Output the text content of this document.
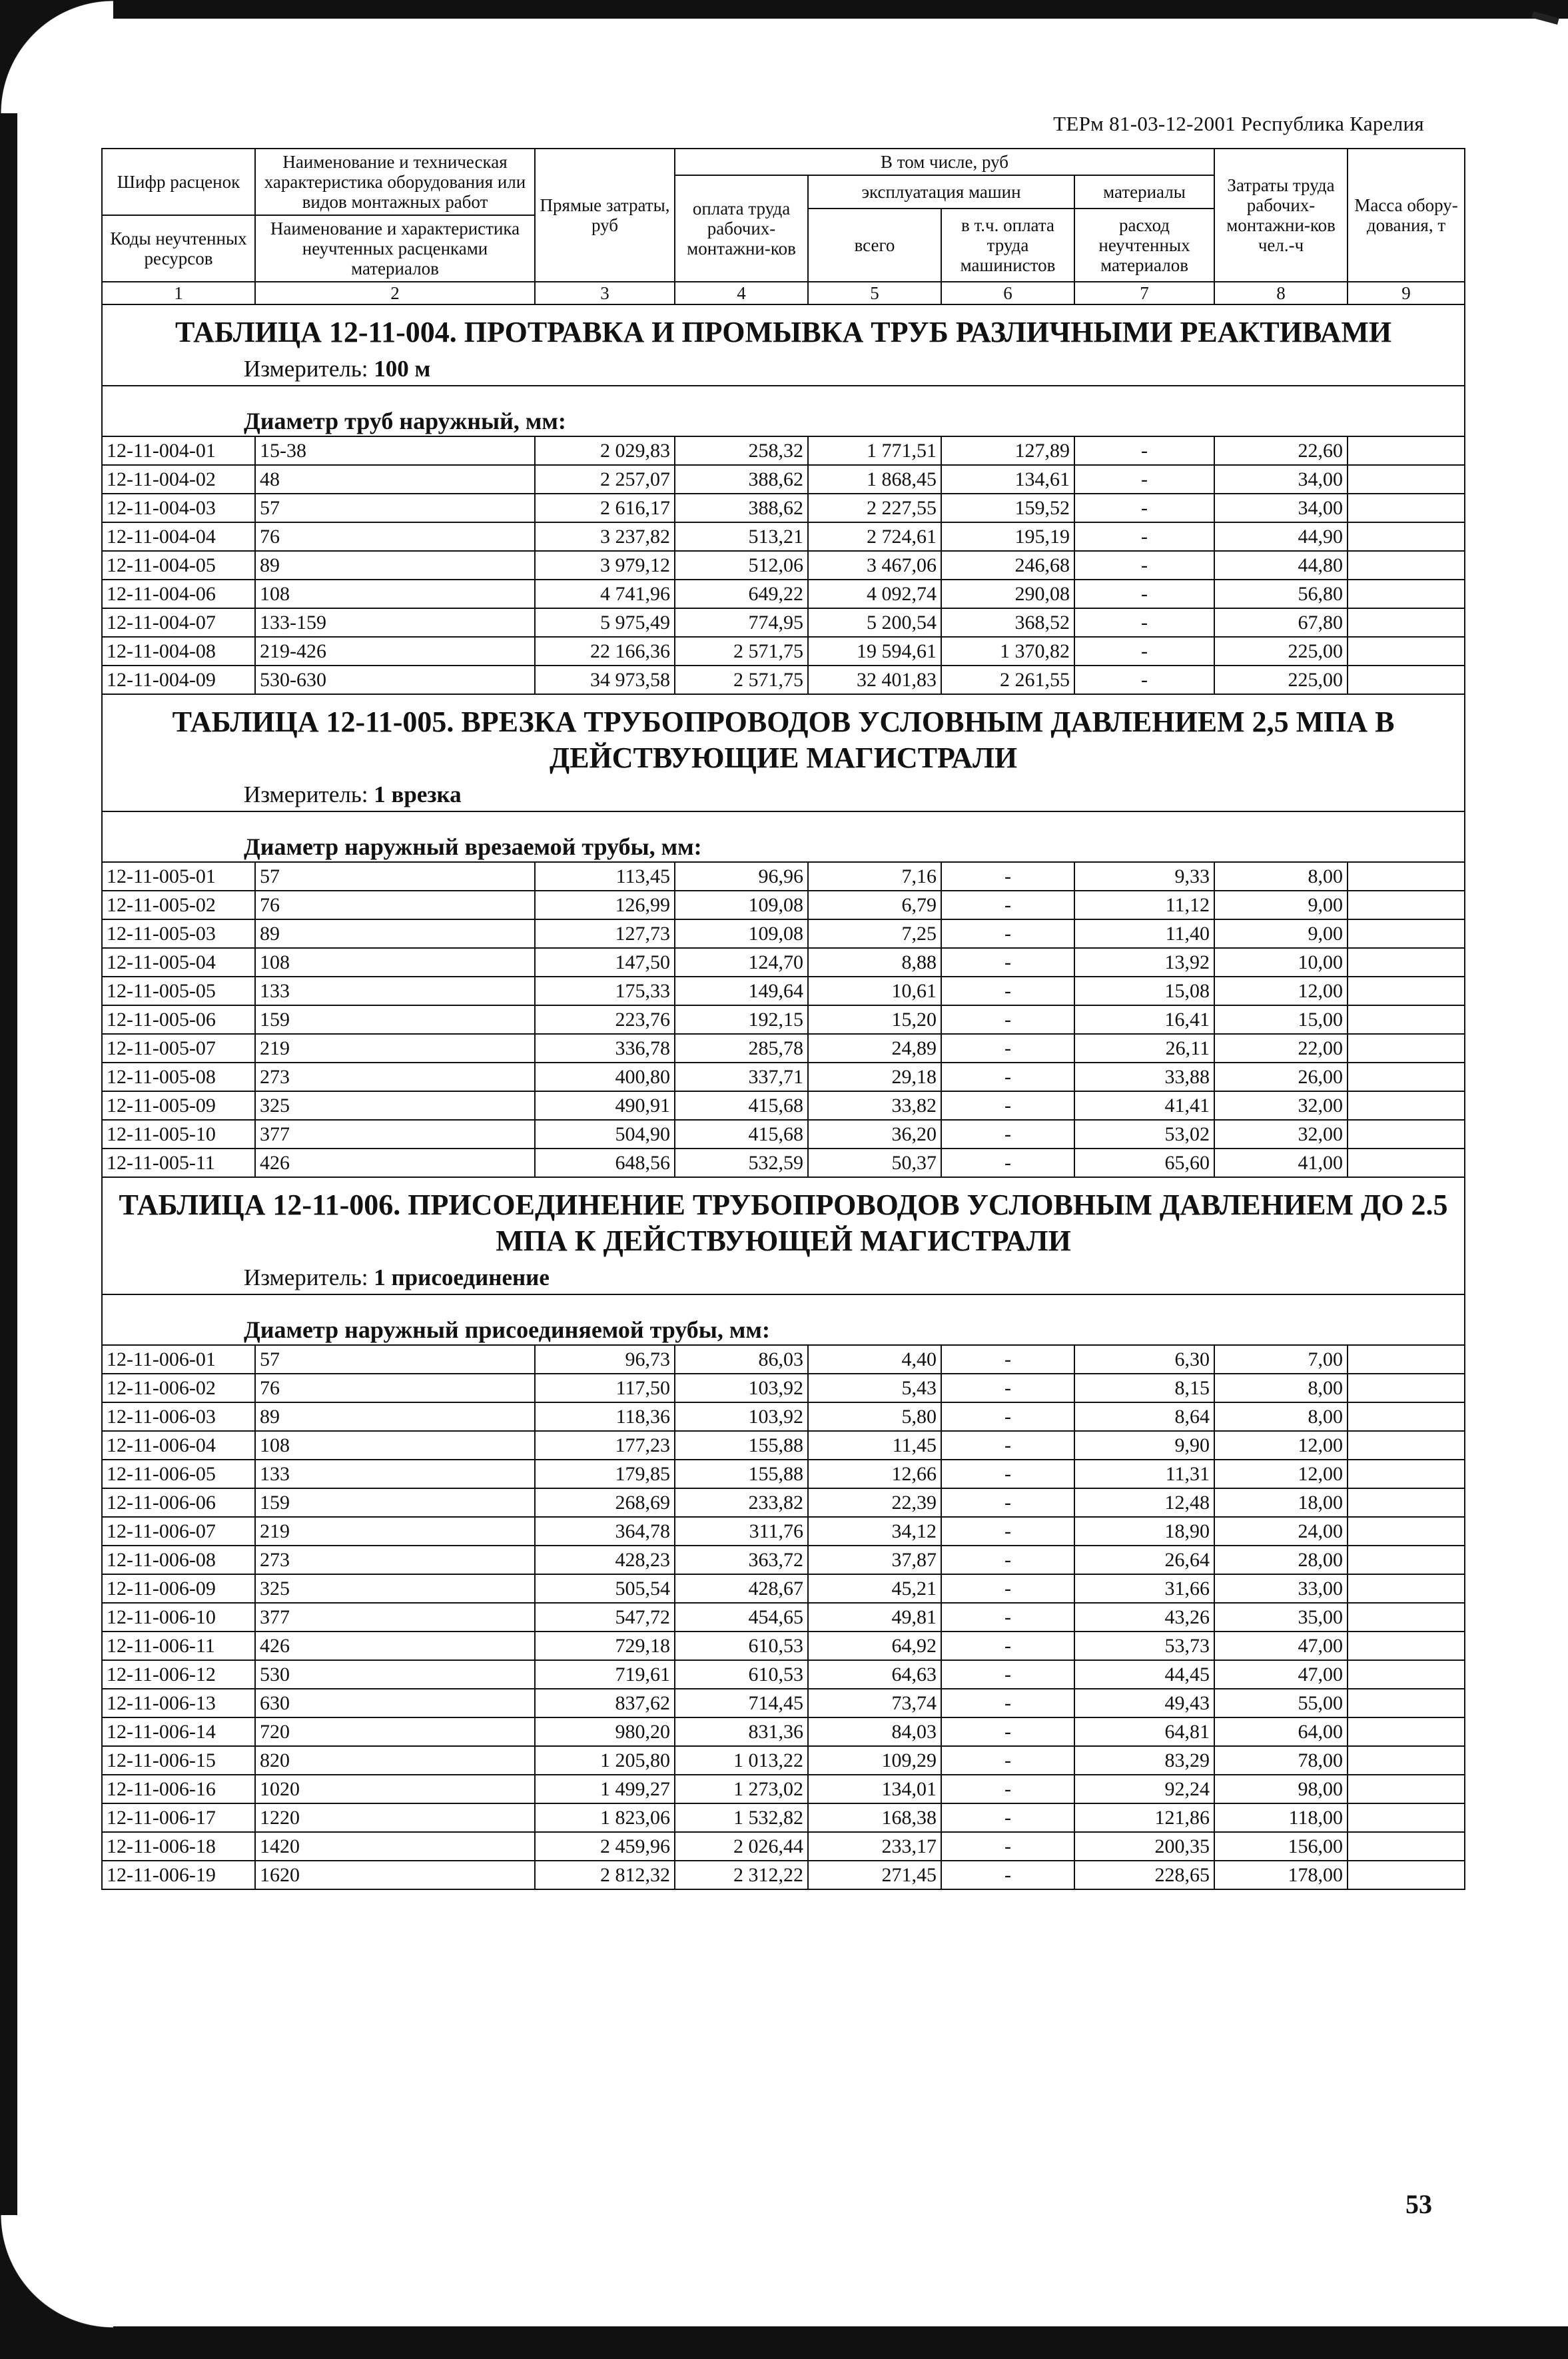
ТЕРм 81-03-12-2001 Республика Карелия
Шифр расценок	Наименование и техническая характеристика оборудования или видов монтажных работ	Прямые затраты, руб	В том числе, руб				Затраты труда рабочих-монтажни-ков чел.-ч	Масса обору-дования, т
			оплата труда рабочих-монтажни-ков	эксплуатация машин		материалы		
				всего	в т.ч. оплата труда машинистов	расход неучтенных материалов		
Коды неучтенных ресурсов	Наименование и характеристика неучтенных расценками материалов							

1	2	3	4	5	6	7	8	9
ТАБЛИЦА 12-11-004. ПРОТРАВКА И ПРОМЫВКА ТРУБ РАЗЛИЧНЫМИ РЕАКТИВАМИ								
Измеритель: 100 м								
Диаметр труб наружный, мм:								
12-11-004-01	15-38	2 029,83	258,32	1 771,51	127,89	-	22,60	
12-11-004-02	48	2 257,07	388,62	1 868,45	134,61	-	34,00	
12-11-004-03	57	2 616,17	388,62	2 227,55	159,52	-	34,00	
12-11-004-04	76	3 237,82	513,21	2 724,61	195,19	-	44,90	
12-11-004-05	89	3 979,12	512,06	3 467,06	246,68	-	44,80	
12-11-004-06	108	4 741,96	649,22	4 092,74	290,08	-	56,80	
12-11-004-07	133-159	5 975,49	774,95	5 200,54	368,52	-	67,80	
12-11-004-08	219-426	22 166,36	2 571,75	19 594,61	1 370,82	-	225,00	
12-11-004-09	530-630	34 973,58	2 571,75	32 401,83	2 261,55	-	225,00	
ТАБЛИЦА 12-11-005. ВРЕЗКА ТРУБОПРОВОДОВ УСЛОВНЫМ ДАВЛЕНИЕМ 2,5 МПА В ДЕЙСТВУЮЩИЕ МАГИСТРАЛИ								
Измеритель: 1 врезка								
Диаметр наружный врезаемой трубы, мм:								
12-11-005-01	57	113,45	96,96	7,16	-	9,33	8,00	
12-11-005-02	76	126,99	109,08	6,79	-	11,12	9,00	
12-11-005-03	89	127,73	109,08	7,25	-	11,40	9,00	
12-11-005-04	108	147,50	124,70	8,88	-	13,92	10,00	
12-11-005-05	133	175,33	149,64	10,61	-	15,08	12,00	
12-11-005-06	159	223,76	192,15	15,20	-	16,41	15,00	
12-11-005-07	219	336,78	285,78	24,89	-	26,11	22,00	
12-11-005-08	273	400,80	337,71	29,18	-	33,88	26,00	
12-11-005-09	325	490,91	415,68	33,82	-	41,41	32,00	
12-11-005-10	377	504,90	415,68	36,20	-	53,02	32,00	
12-11-005-11	426	648,56	532,59	50,37	-	65,60	41,00	
ТАБЛИЦА 12-11-006. ПРИСОЕДИНЕНИЕ ТРУБОПРОВОДОВ УСЛОВНЫМ ДАВЛЕНИЕМ ДО 2.5 МПА К ДЕЙСТВУЮЩЕЙ МАГИСТРАЛИ								
Измеритель: 1 присоединение								
Диаметр наружный присоединяемой трубы, мм:								
12-11-006-01	57	96,73	86,03	4,40	-	6,30	7,00	
12-11-006-02	76	117,50	103,92	5,43	-	8,15	8,00	
12-11-006-03	89	118,36	103,92	5,80	-	8,64	8,00	
12-11-006-04	108	177,23	155,88	11,45	-	9,90	12,00	
12-11-006-05	133	179,85	155,88	12,66	-	11,31	12,00	
12-11-006-06	159	268,69	233,82	22,39	-	12,48	18,00	
12-11-006-07	219	364,78	311,76	34,12	-	18,90	24,00	
12-11-006-08	273	428,23	363,72	37,87	-	26,64	28,00	
12-11-006-09	325	505,54	428,67	45,21	-	31,66	33,00	
12-11-006-10	377	547,72	454,65	49,81	-	43,26	35,00	
12-11-006-11	426	729,18	610,53	64,92	-	53,73	47,00	
12-11-006-12	530	719,61	610,53	64,63	-	44,45	47,00	
12-11-006-13	630	837,62	714,45	73,74	-	49,43	55,00	
12-11-006-14	720	980,20	831,36	84,03	-	64,81	64,00	
12-11-006-15	820	1 205,80	1 013,22	109,29	-	83,29	78,00	
12-11-006-16	1020	1 499,27	1 273,02	134,01	-	92,24	98,00	
12-11-006-17	1220	1 823,06	1 532,82	168,38	-	121,86	118,00	
12-11-006-18	1420	2 459,96	2 026,44	233,17	-	200,35	156,00	
12-11-006-19	1620	2 812,32	2 312,22	271,45	-	228,65	178,00	
53
